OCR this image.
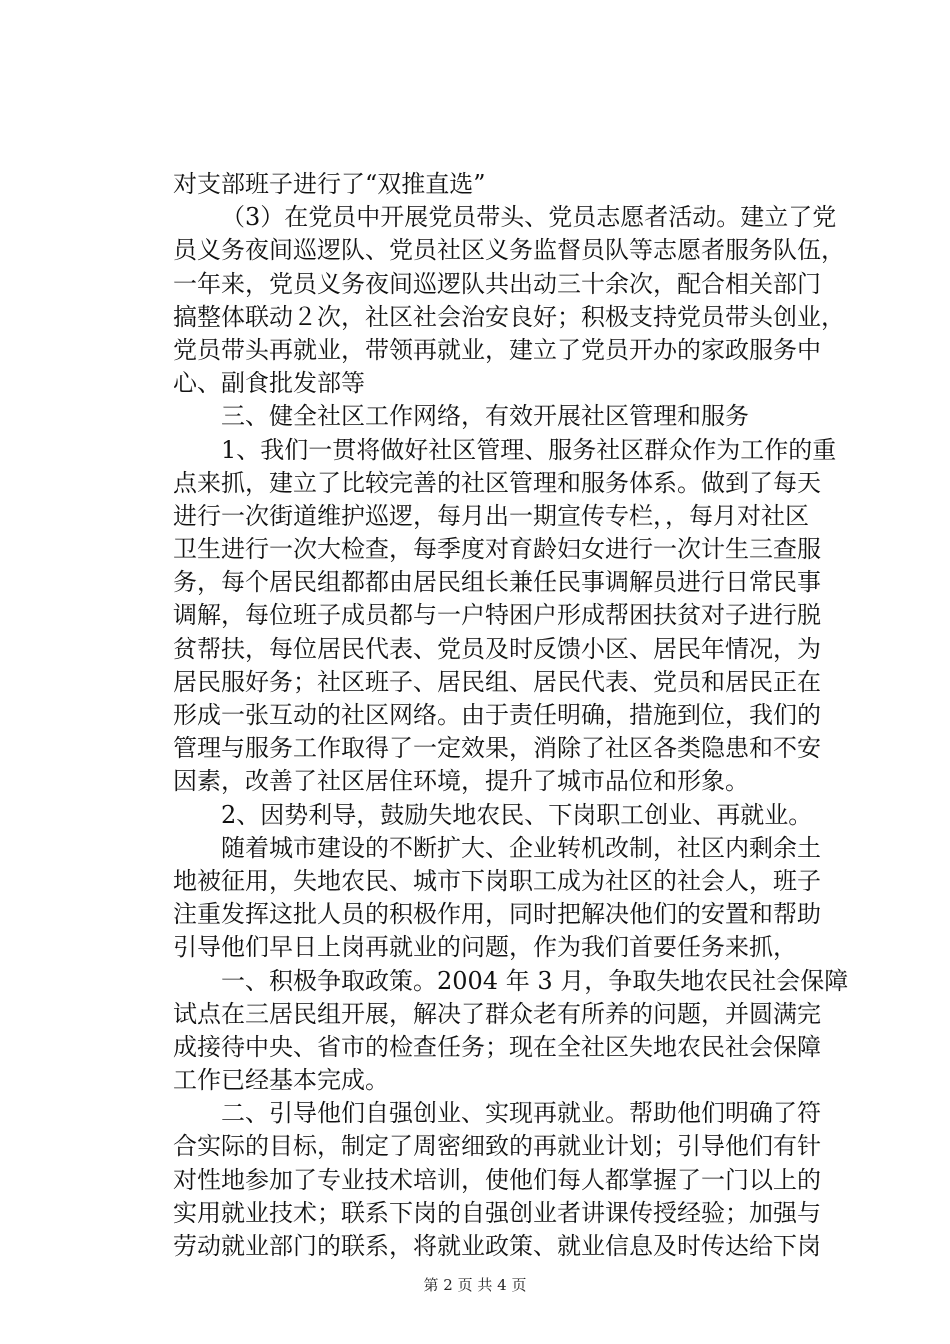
对支部班子进行了“双推直选”
（3）在党员中开展党员带头、党员志愿者活动。建立了党
员义务夜间巡逻队、党员社区义务监督员队等志愿者服务队伍，
一年来，党员义务夜间巡逻队共出动三十余次，配合相关部门
搞整体联动２次，社区社会治安良好；积极支持党员带头创业，
党员带头再就业，带领再就业，建立了党员开办的家政服务中
心、副食批发部等
三、健全社区工作网络，有效开展社区管理和服务
1、我们一贯将做好社区管理、服务社区群众作为工作的重
点来抓，建立了比较完善的社区管理和服务体系。做到了每天
进行一次街道维护巡逻，每月出一期宣传专栏，，每月对社区
卫生进行一次大检查，每季度对育龄妇女进行一次计生三查服
务，每个居民组都都由居民组长兼任民事调解员进行日常民事
调解，每位班子成员都与一户特困户形成帮困扶贫对子进行脱
贫帮扶，每位居民代表、党员及时反馈小区、居民年情况，为
居民服好务；社区班子、居民组、居民代表、党员和居民正在
形成一张互动的社区网络。由于责任明确，措施到位，我们的
管理与服务工作取得了一定效果，消除了社区各类隐患和不安
因素，改善了社区居住环境，提升了城市品位和形象。
2、因势利导，鼓励失地农民、下岗职工创业、再就业。
随着城市建设的不断扩大、企业转机改制，社区内剩余土
地被征用，失地农民、城市下岗职工成为社区的社会人，班子
注重发挥这批人员的积极作用，同时把解决他们的安置和帮助
引导他们早日上岗再就业的问题，作为我们首要任务来抓，
一、积极争取政策。2004 年 3 月，争取失地农民社会保障
试点在三居民组开展，解决了群众老有所养的问题，并圆满完
成接待中央、省市的检查任务；现在全社区失地农民社会保障
工作已经基本完成。
二、引导他们自强创业、实现再就业。帮助他们明确了符
合实际的目标，制定了周密细致的再就业计划；引导他们有针
对性地参加了专业技术培训，使他们每人都掌握了一门以上的
实用就业技术；联系下岗的自强创业者讲课传授经验；加强与
劳动就业部门的联系，将就业政策、就业信息及时传达给下岗
第 2 页 共 4 页
